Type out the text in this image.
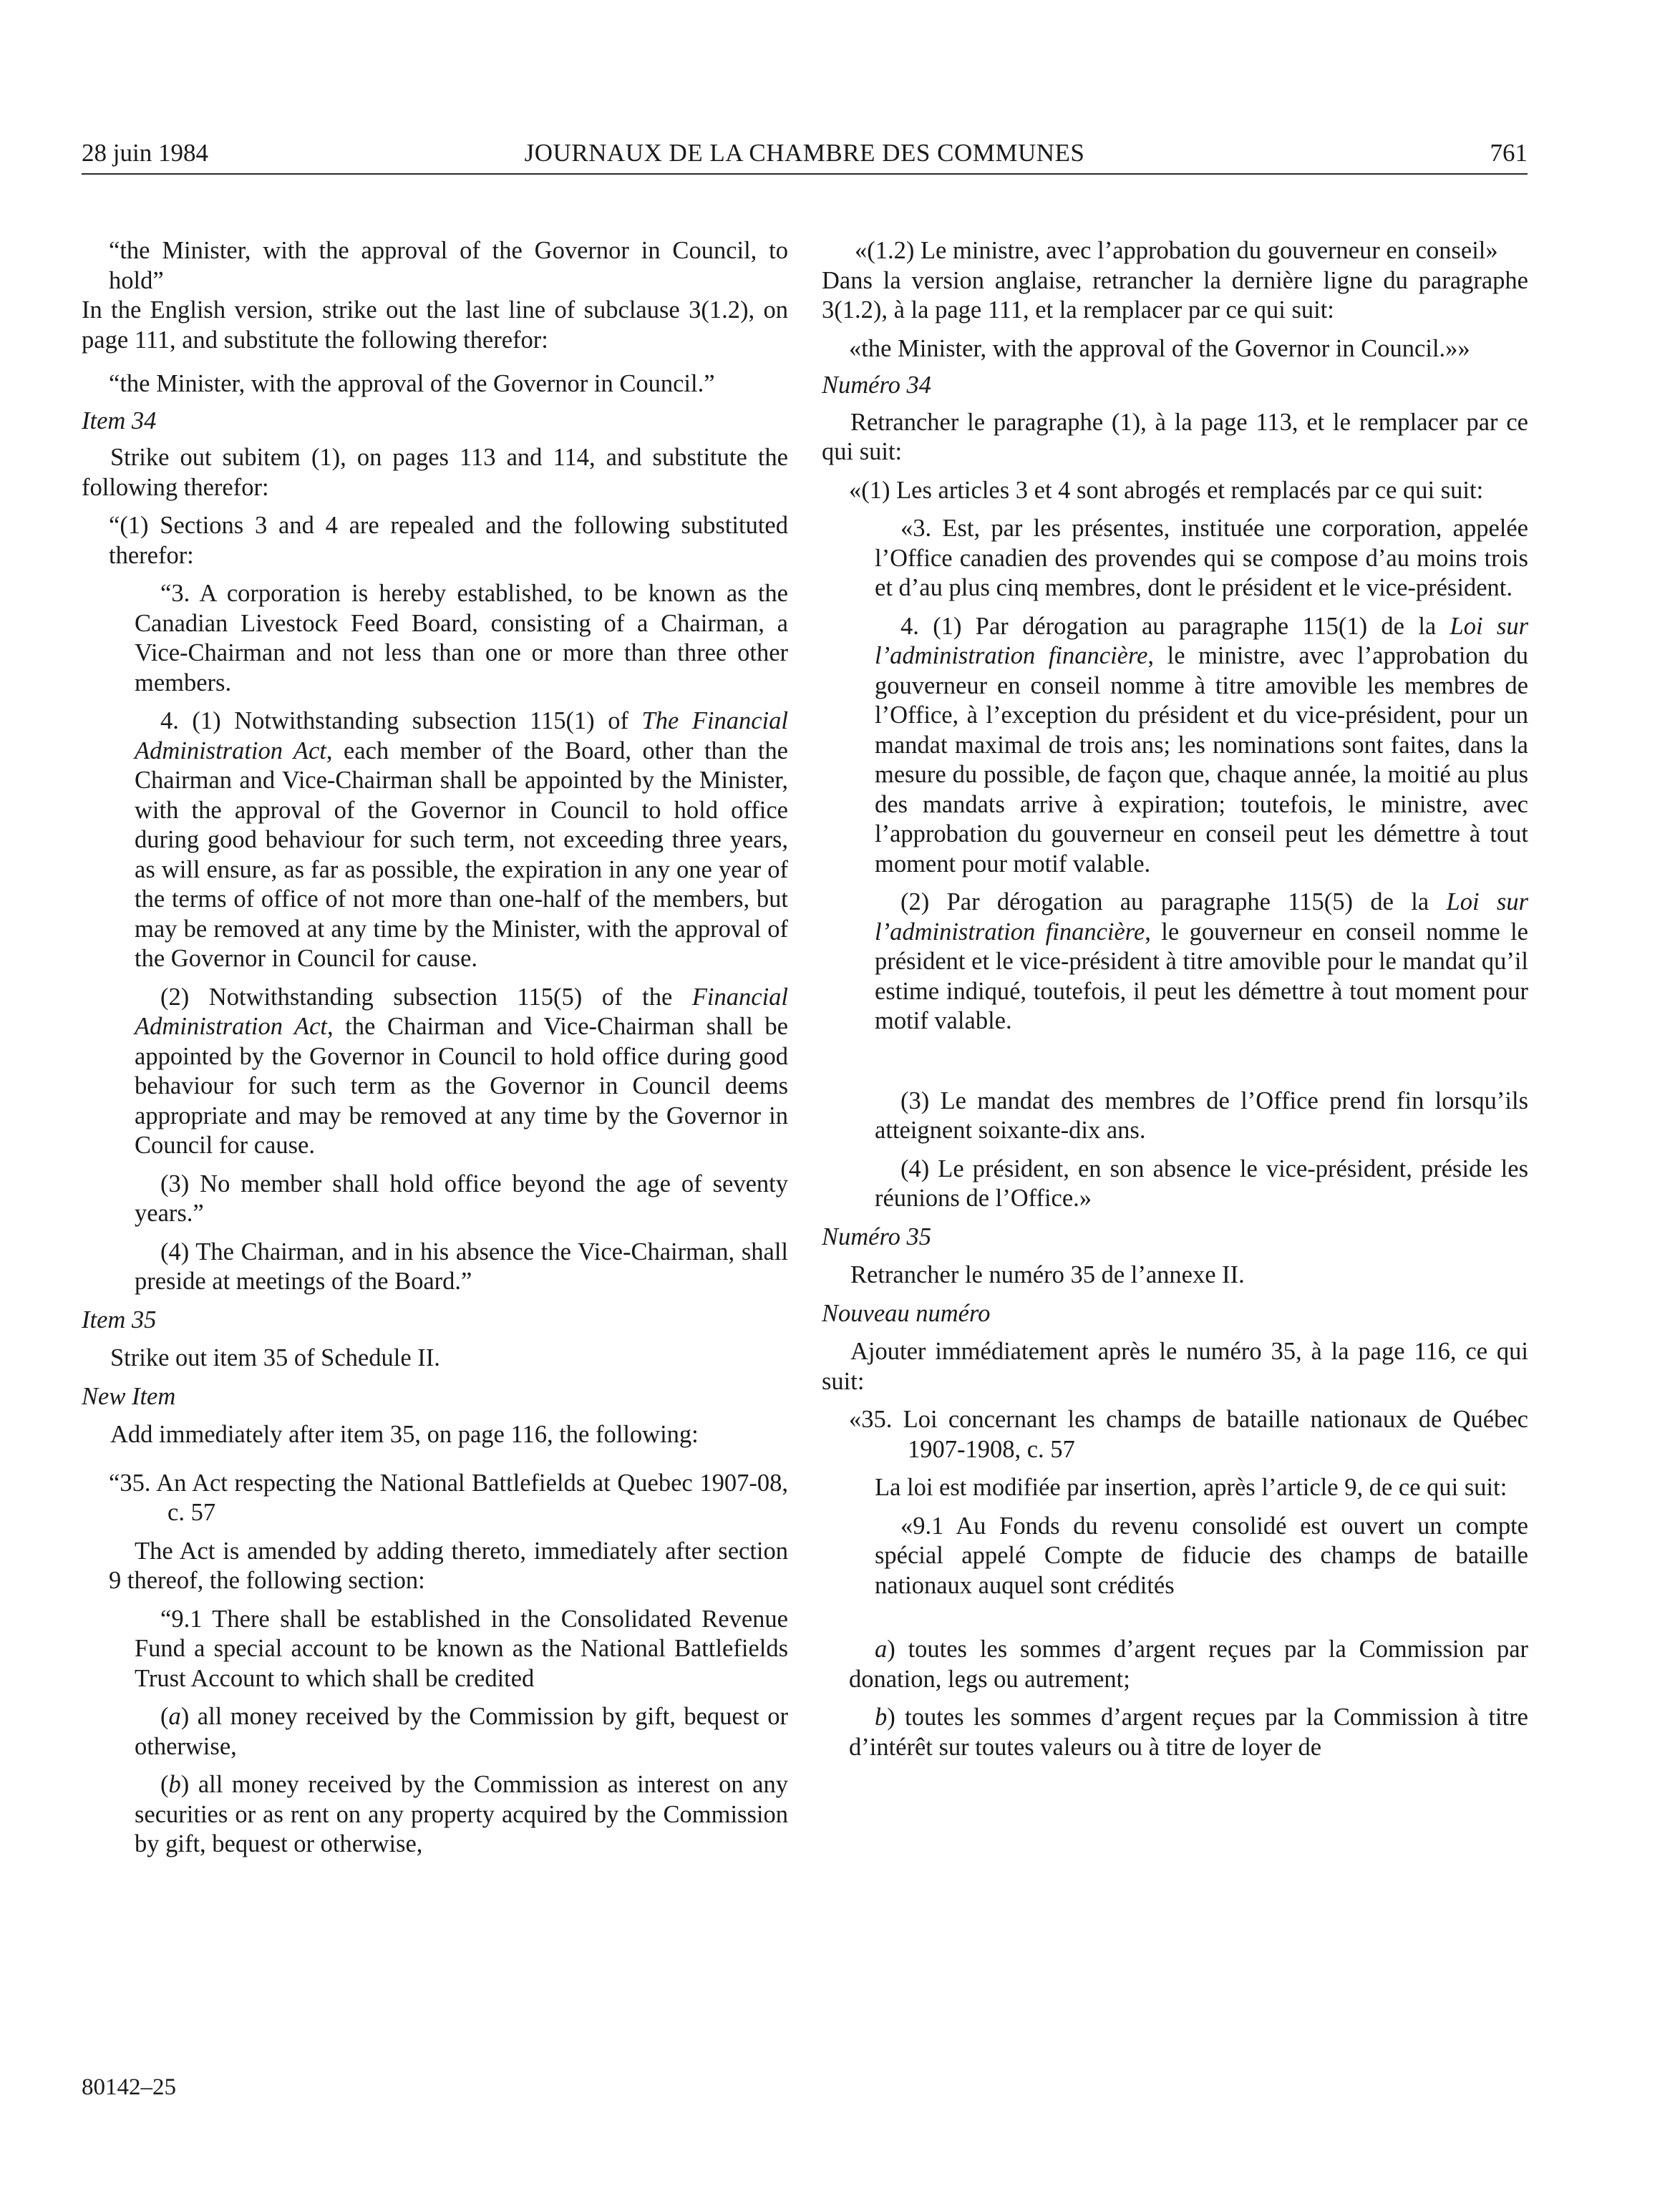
28 juin 1984	JOURNAUX DE LA CHAMBRE DES COMMUNES	761

“the Minister, with the approval of the Governor in Council, to hold”

In the English version, strike out the last line of subclause 3(1.2), on page 111, and substitute the following therefor:

“the Minister, with the approval of the Governor in Council.”

Item 34

Strike out subitem (1), on pages 113 and 114, and substitute the following therefor:

“(1) Sections 3 and 4 are repealed and the following substituted therefor:

“3. A corporation is hereby established, to be known as the Canadian Livestock Feed Board, consisting of a Chairman, a Vice-Chairman and not less than one or more than three other members.

4. (1) Notwithstanding subsection 115(1) of The Financial Administration Act, each member of the Board, other than the Chairman and Vice-Chairman shall be appointed by the Minister, with the approval of the Governor in Council to hold office during good behaviour for such term, not exceeding three years, as will ensure, as far as possible, the expiration in any one year of the terms of office of not more than one-half of the members, but may be removed at any time by the Minister, with the approval of the Governor in Council for cause.

(2) Notwithstanding subsection 115(5) of the Financial Administration Act, the Chairman and Vice-Chairman shall be appointed by the Governor in Council to hold office during good behaviour for such term as the Governor in Council deems appropriate and may be removed at any time by the Governor in Council for cause.

(3) No member shall hold office beyond the age of seventy years.”

(4) The Chairman, and in his absence the Vice-Chairman, shall preside at meetings of the Board.”

Item 35

Strike out item 35 of Schedule II.

New Item

Add immediately after item 35, on page 116, the following:

“35. An Act respecting the National Battlefields at Quebec 1907-08, c. 57

The Act is amended by adding thereto, immediately after section 9 thereof, the following section:

“9.1 There shall be established in the Consolidated Revenue Fund a special account to be known as the National Battlefields Trust Account to which shall be credited

(a) all money received by the Commission by gift, bequest or otherwise,

(b) all money received by the Commission as interest on any securities or as rent on any property acquired by the Commission by gift, bequest or otherwise,

«(1.2) Le ministre, avec l’approbation du gouverneur en conseil»

Dans la version anglaise, retrancher la dernière ligne du paragraphe 3(1.2), à la page 111, et la remplacer par ce qui suit:

«the Minister, with the approval of the Governor in Council.»»

Numéro 34

Retrancher le paragraphe (1), à la page 113, et le remplacer par ce qui suit:

«(1) Les articles 3 et 4 sont abrogés et remplacés par ce qui suit:

«3. Est, par les présentes, instituée une corporation, appelée l’Office canadien des provendes qui se compose d’au moins trois et d’au plus cinq membres, dont le président et le vice-président.

4. (1) Par dérogation au paragraphe 115(1) de la Loi sur l’administration financière, le ministre, avec l’approbation du gouverneur en conseil nomme à titre amovible les membres de l’Office, à l’exception du président et du vice-président, pour un mandat maximal de trois ans; les nominations sont faites, dans la mesure du possible, de façon que, chaque année, la moitié au plus des mandats arrive à expiration; toutefois, le ministre, avec l’approbation du gouverneur en conseil peut les démettre à tout moment pour motif valable.

(2) Par dérogation au paragraphe 115(5) de la Loi sur l’administration financière, le gouverneur en conseil nomme le président et le vice-président à titre amovible pour le mandat qu’il estime indiqué, toutefois, il peut les démettre à tout moment pour motif valable.

(3) Le mandat des membres de l’Office prend fin lorsqu’ils atteignent soixante-dix ans.

(4) Le président, en son absence le vice-président, préside les réunions de l’Office.»

Numéro 35

Retrancher le numéro 35 de l’annexe II.

Nouveau numéro

Ajouter immédiatement après le numéro 35, à la page 116, ce qui suit:

«35. Loi concernant les champs de bataille nationaux de Québec 1907-1908, c. 57

La loi est modifiée par insertion, après l’article 9, de ce qui suit:

«9.1 Au Fonds du revenu consolidé est ouvert un compte spécial appelé Compte de fiducie des champs de bataille nationaux auquel sont crédités

a) toutes les sommes d’argent reçues par la Commission par donation, legs ou autrement;

b) toutes les sommes d’argent reçues par la Commission à titre d’intérêt sur toutes valeurs ou à titre de loyer de

80142–25
